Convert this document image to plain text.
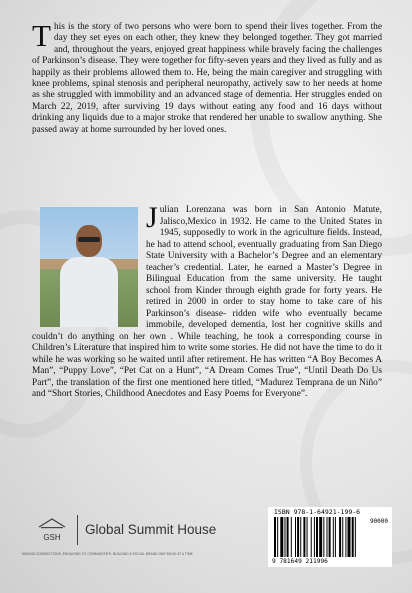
This is the story of two persons who were born to spend their lives together. From the day they set eyes on each other, they knew they belonged together. They got married and, throughout the years, enjoyed great happiness while bravely facing the challenges of Parkinson’s disease. They were together for fifty-seven years and they lived as fully and as happily as their problems allowed them to. He, being the main caregiver and struggling with knee problems, spinal stenosis and peripheral neuropathy, actively saw to her needs at home as she struggled with immobility and an advanced stage of dementia. Her struggles ended on March 22, 2019, after surviving 19 days without eating any food and 16 days without drinking any liquids due to a major stroke that rendered her unable to swallow anything. She passed away at home surrounded by her loved ones.
Julian Lorenzana was born in San Antonio Matute, Jalisco,Mexico in 1932. He came to the United States in 1945, supposedly to work in the agriculture fields. Instead, he had to attend school, eventually graduating from San Diego State University with a Bachelor’s Degree and an elementary teacher’s credential. Later, he earned a Master’s Degree in Bilingual Education from the same university. He taught school from Kinder through eighth grade for forty years. He retired in 2000 in order to stay home to take care of his Parkinson’s disease- ridden wife who eventually became immobile, developed dementia, lost her cognitive skills and couldn’t do anything on her own . While teaching, he took a corresponding course in Children’s Literature that inspired him to write some stories. He did not have the time to do it while he was working so he waited until after retirement. He has written “A Boy Becomes A Man”, “Puppy Love”, “Pet Cat on a Hunt”, “A Dream Comes True”, “Until Death Do Us Part”, the translation of the first one mentioned here titled, “Madurez Temprana de un Niño” and “Short Stories, Childhood Anecdotes and Easy Poems for Everyone”.
GSH
Global Summit House
MAKING CONNECTIONS, ENGAGING TO COMMUNITIES, BUILDING A SOCIAL BRAND ONE BOOK AT A TIME.
ISBN 978-1-64921-199-6
90000
9 781649 211996
